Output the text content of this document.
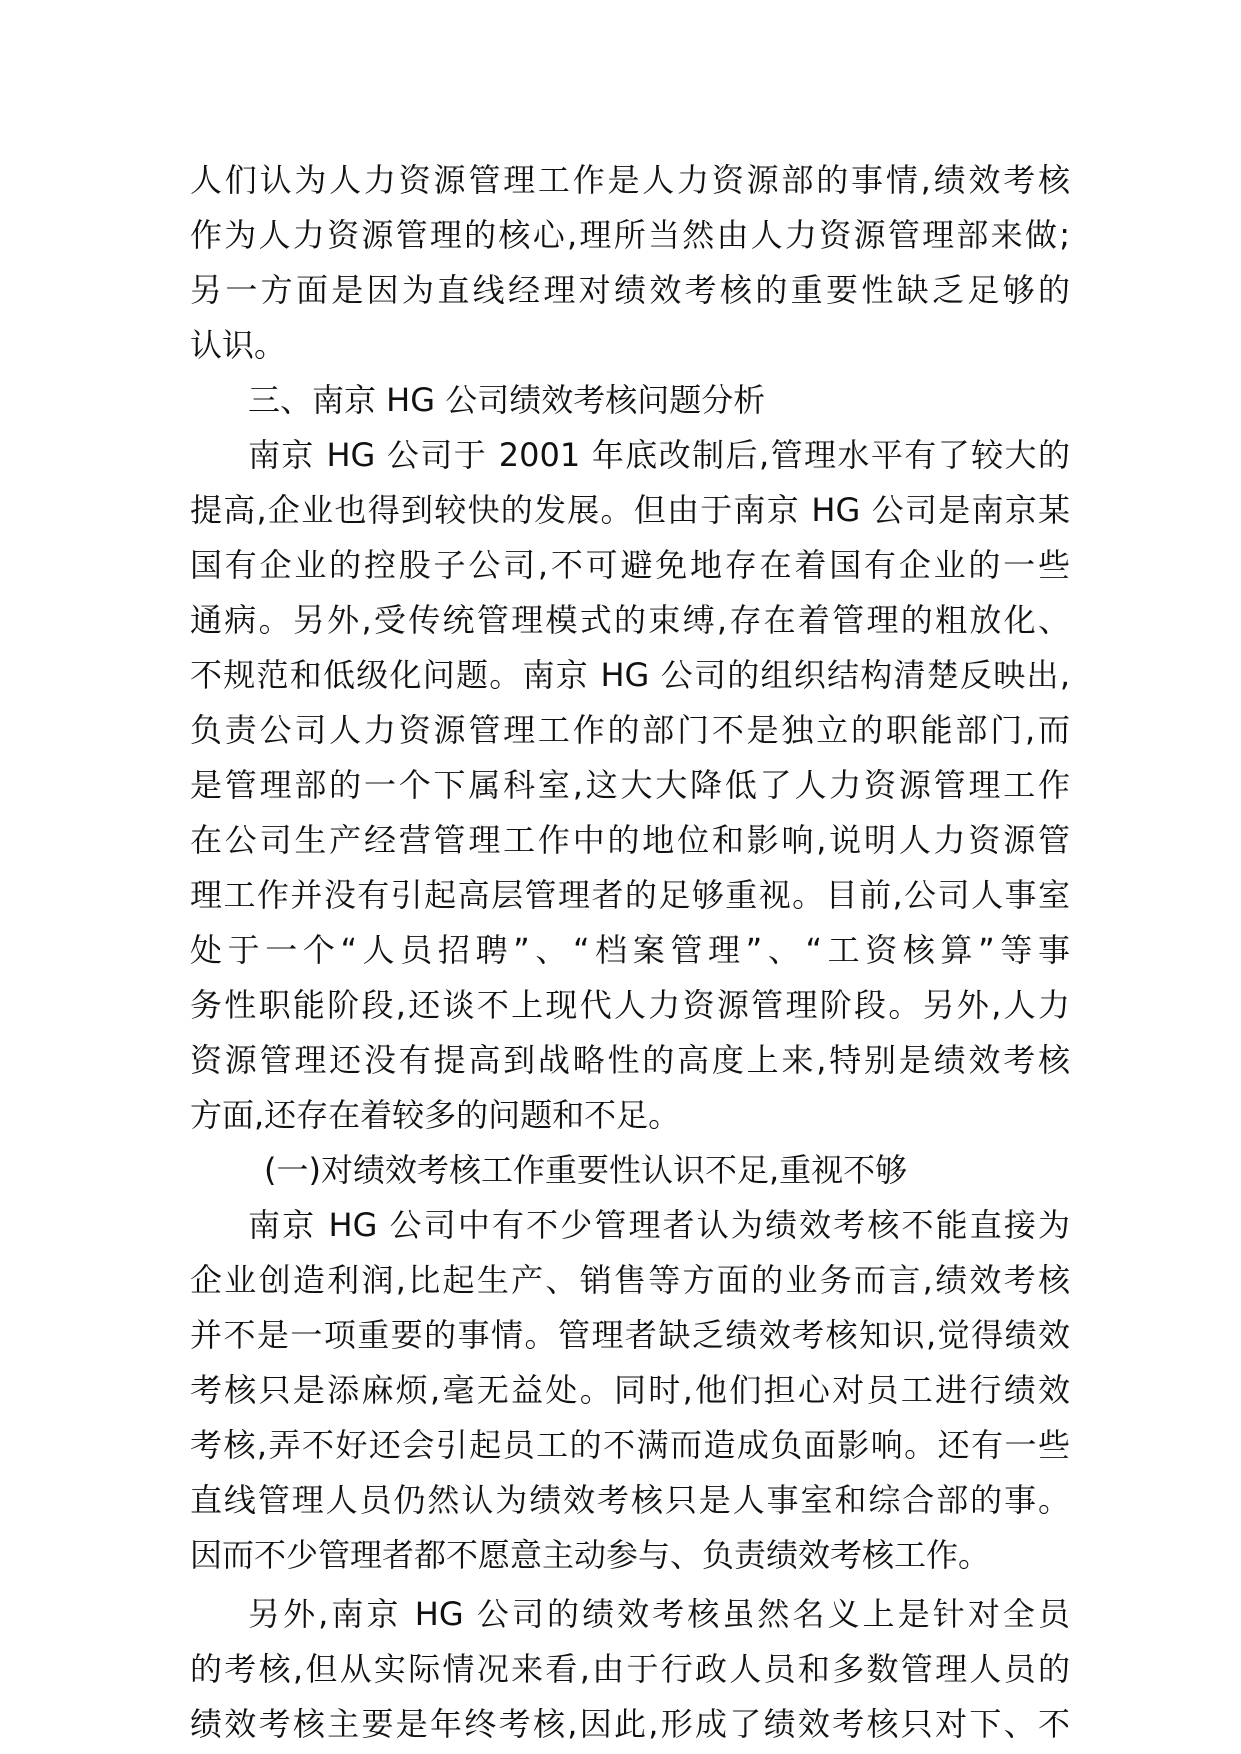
人们认为人力资源管理工作是人力资源部的事情,绩效考核
作为人力资源管理的核心,理所当然由人力资源管理部来做;
另一方面是因为直线经理对绩效考核的重要性缺乏足够的
认识。
三、南京 HG 公司绩效考核问题分析
南京 HG 公司于 2001 年底改制后,管理水平有了较大的
提高,企业也得到较快的发展。但由于南京 HG 公司是南京某
国有企业的控股子公司,不可避免地存在着国有企业的一些
通病。另外,受传统管理模式的束缚,存在着管理的粗放化、
不规范和低级化问题。南京 HG 公司的组织结构清楚反映出,
负责公司人力资源管理工作的部门不是独立的职能部门,而
是管理部的一个下属科室,这大大降低了人力资源管理工作
在公司生产经营管理工作中的地位和影响,说明人力资源管
理工作并没有引起高层管理者的足够重视。目前,公司人事室
处于一个“人员招聘”、“档案管理”、“工资核算”等事
务性职能阶段,还谈不上现代人力资源管理阶段。另外,人力
资源管理还没有提高到战略性的高度上来,特别是绩效考核
方面,还存在着较多的问题和不足。
(一)对绩效考核工作重要性认识不足,重视不够
南京 HG 公司中有不少管理者认为绩效考核不能直接为
企业创造利润,比起生产、销售等方面的业务而言,绩效考核
并不是一项重要的事情。管理者缺乏绩效考核知识,觉得绩效
考核只是添麻烦,毫无益处。同时,他们担心对员工进行绩效
考核,弄不好还会引起员工的不满而造成负面影响。还有一些
直线管理人员仍然认为绩效考核只是人事室和综合部的事。
因而不少管理者都不愿意主动参与、负责绩效考核工作。
另外,南京 HG 公司的绩效考核虽然名义上是针对全员
的考核,但从实际情况来看,由于行政人员和多数管理人员的
绩效考核主要是年终考核,因此,形成了绩效考核只对下、不
